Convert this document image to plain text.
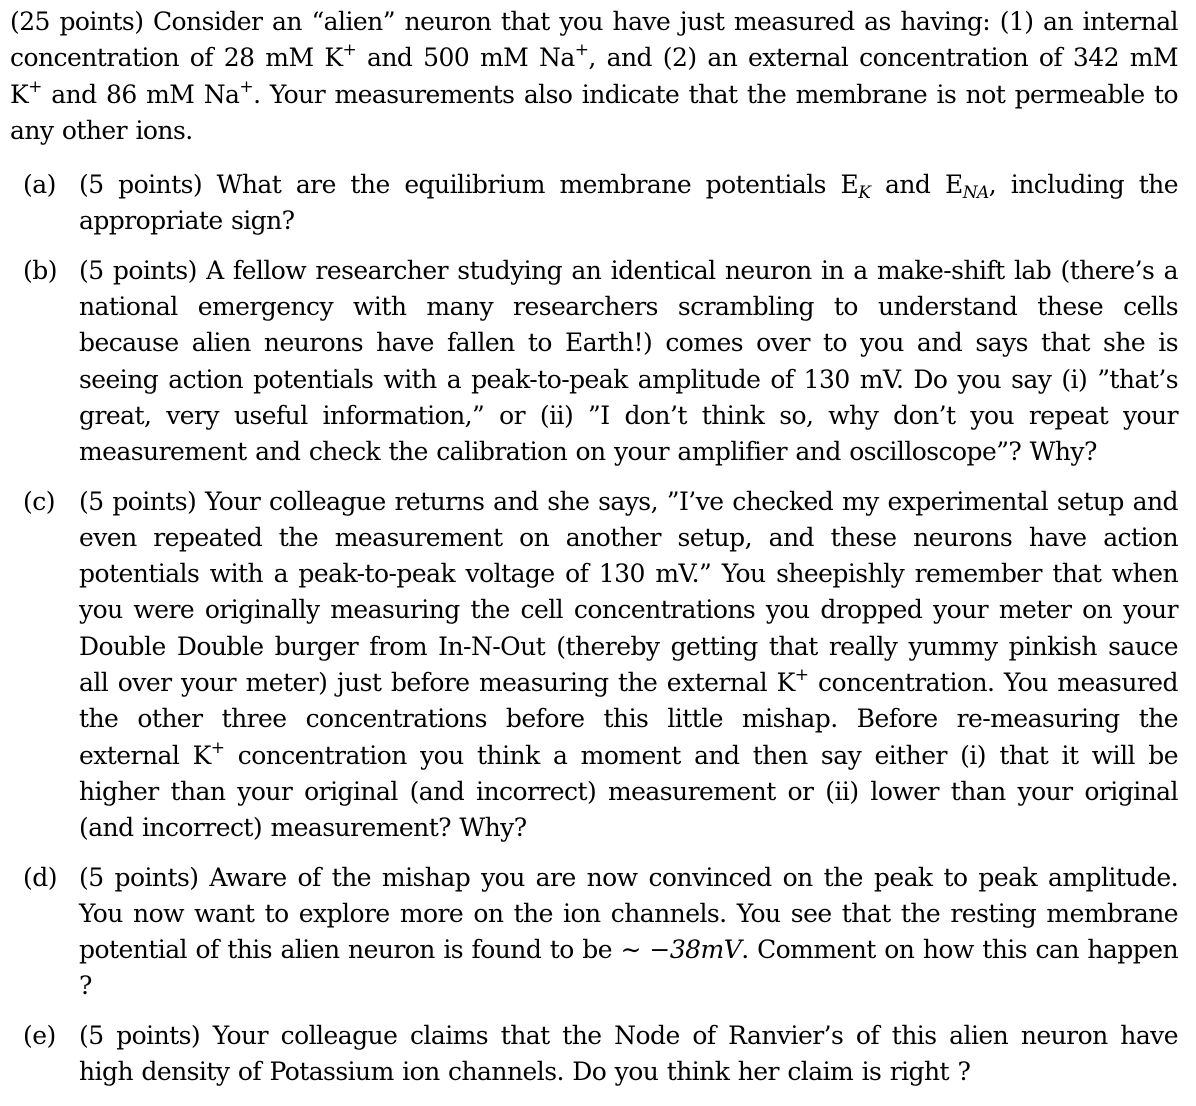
(25 points) Consider an “alien” neuron that you have just measured as having: (1) an internal concentration of 28 mM K+ and 500 mM Na+, and (2) an external concentration of 342 mM K+ and 86 mM Na+. Your measurements also indicate that the membrane is not permeable to any other ions.

(a) (5 points) What are the equilibrium membrane potentials $E_K$ and $E_{NA}$, including the appropriate sign?

(b) (5 points) A fellow researcher studying an identical neuron in a make-shift lab (there’s a national emergency with many researchers scrambling to understand these cells because alien neurons have fallen to Earth!) comes over to you and says that she is seeing action potentials with a peak-to-peak amplitude of 130 mV. Do you say (i) ”that’s great, very useful information,” or (ii) ”I don’t think so, why don’t you repeat your measurement and check the calibration on your amplifier and oscilloscope”? Why?

(c) (5 points) Your colleague returns and she says, ”I’ve checked my experimental setup and even repeated the measurement on another setup, and these neurons have action potentials with a peak-to-peak voltage of 130 mV.” You sheepishly remember that when you were originally measuring the cell concentrations you dropped your meter on your Double Double burger from In-N-Out (thereby getting that really yummy pinkish sauce all over your meter) just before measuring the external K+ concentration. You measured the other three concentrations before this little mishap. Before re-measuring the external K+ concentration you think a moment and then say either (i) that it will be higher than your original (and incorrect) measurement or (ii) lower than your original (and incorrect) measurement? Why?

(d) (5 points) Aware of the mishap you are now convinced on the peak to peak amplitude. You now want to explore more on the ion channels. You see that the resting membrane potential of this alien neuron is found to be ∼ −38mV. Comment on how this can happen ?

(e) (5 points) Your colleague claims that the Node of Ranvier’s of this alien neuron have high density of Potassium ion channels. Do you think her claim is right ?
